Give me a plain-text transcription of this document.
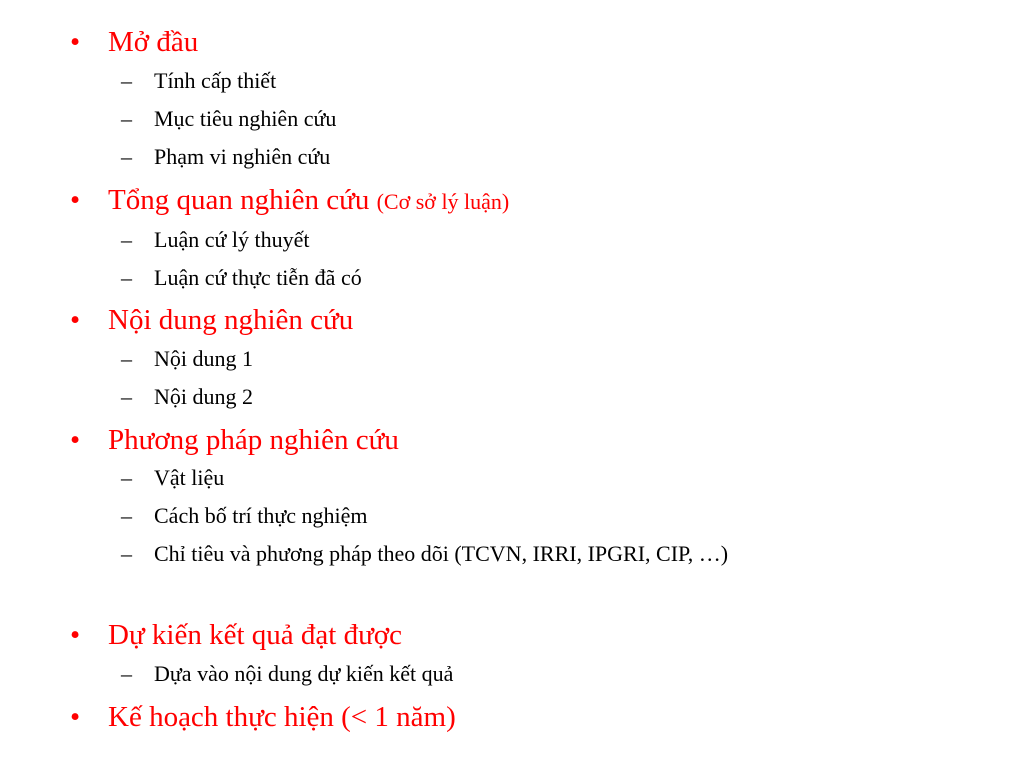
• Mở đầu
– Tính cấp thiết
– Mục tiêu nghiên cứu
– Phạm vi nghiên cứu
• Tổng quan nghiên cứu (Cơ sở lý luận)
– Luận cứ lý thuyết
– Luận cứ thực tiễn đã có
• Nội dung nghiên cứu
– Nội dung 1
– Nội dung 2
• Phương pháp nghiên cứu
– Vật liệu
– Cách bố trí thực nghiệm
– Chỉ tiêu và phương pháp theo dõi (TCVN, IRRI, IPGRI, CIP, …)
• Dự kiến kết quả đạt được
– Dựa vào nội dung dự kiến kết quả
• Kế hoạch thực hiện (< 1 năm)
